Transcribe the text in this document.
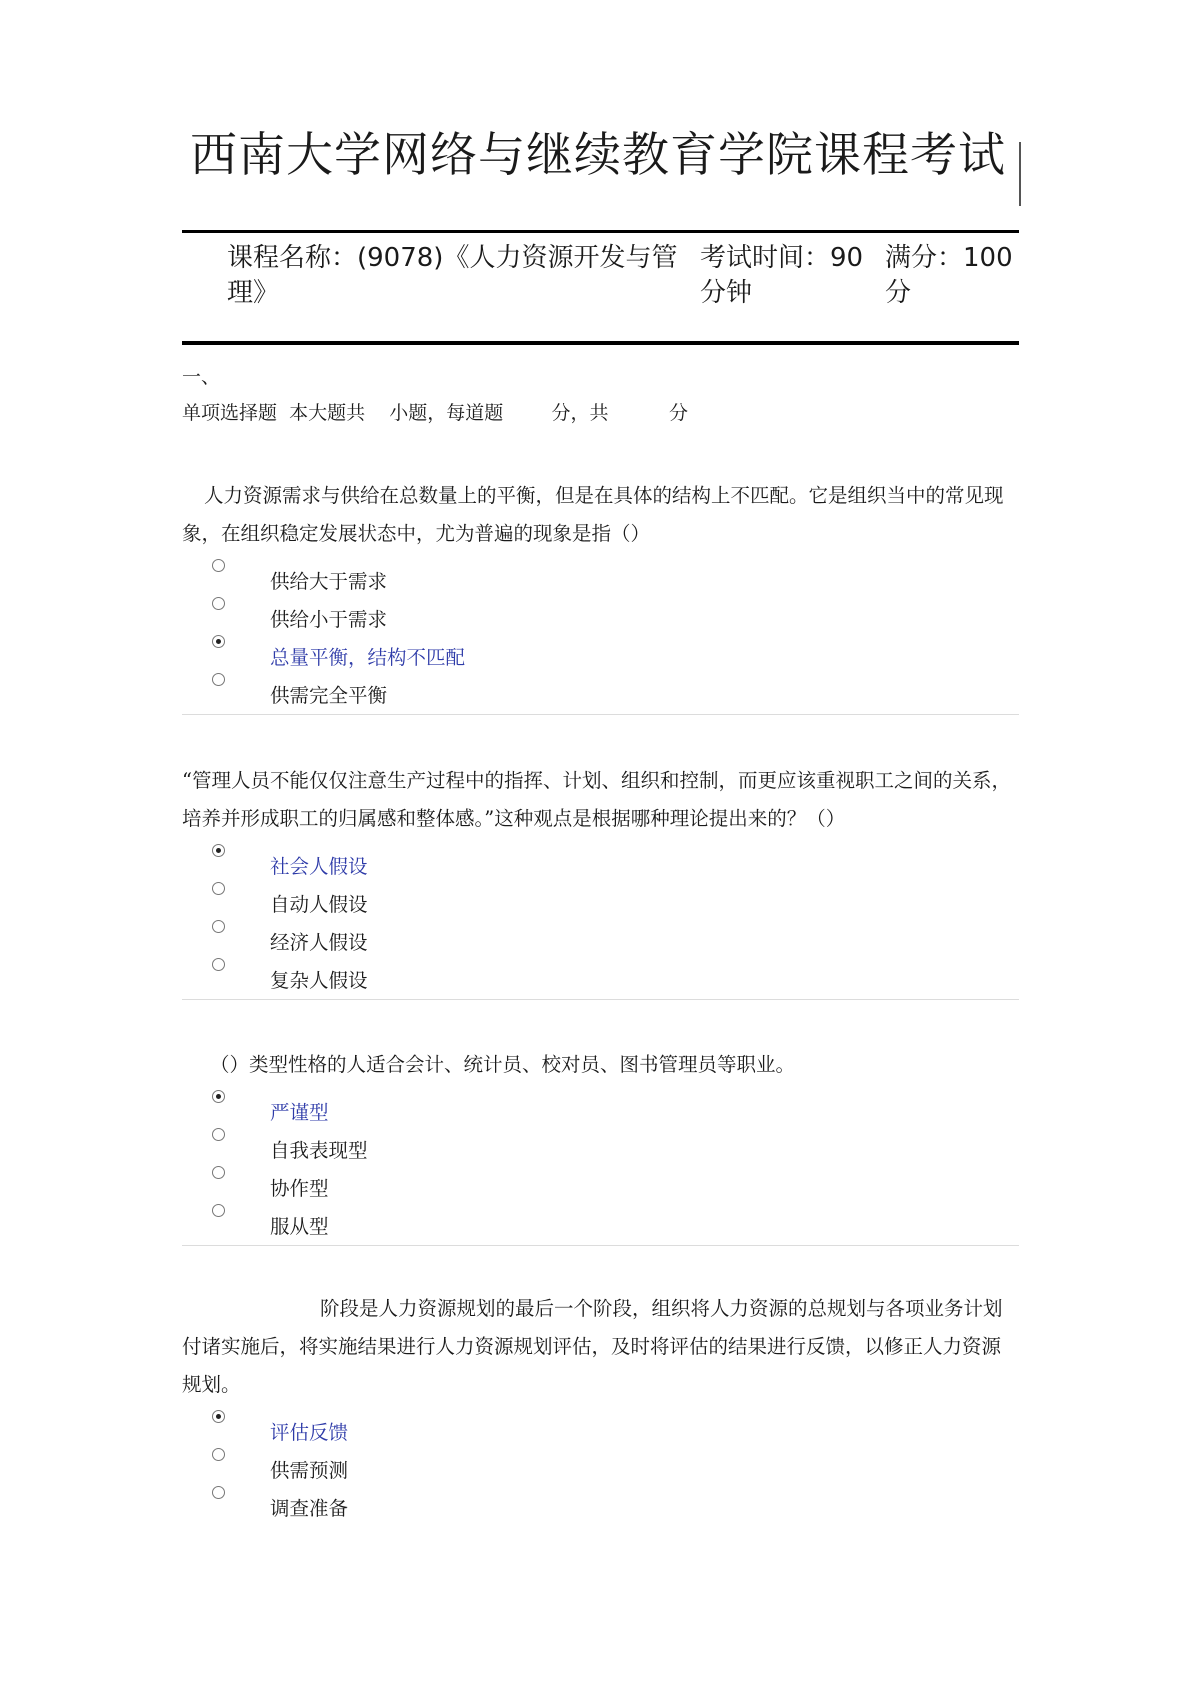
西南大学网络与继续教育学院课程考试
课程名称：(9078)《人力资源开发与管
理》
考试时间：90
分钟
满分：100
分
一、
单项选择题  本大题共    小题，每道题        分，共          分

人力资源需求与供给在总数量上的平衡，但是在具体的结构上不匹配。它是组织当中的常见现象，在组织稳定发展状态中，尤为普遍的现象是指（）

供给大于需求
供给小于需求
总量平衡，结构不匹配
供需完全平衡

“管理人员不能仅仅注意生产过程中的指挥、计划、组织和控制，而更应该重视职工之间的关系，培养并形成职工的归属感和整体感。”这种观点是根据哪种理论提出来的？（）

社会人假设
自动人假设
经济人假设
复杂人假设

（）类型性格的人适合会计、统计员、校对员、图书管理员等职业。

严谨型
自我表现型
协作型
服从型

阶段是人力资源规划的最后一个阶段，组织将人力资源的总规划与各项业务计划付诸实施后，将实施结果进行人力资源规划评估，及时将评估的结果进行反馈，以修正人力资源规划。

评估反馈
供需预测
调查准备
